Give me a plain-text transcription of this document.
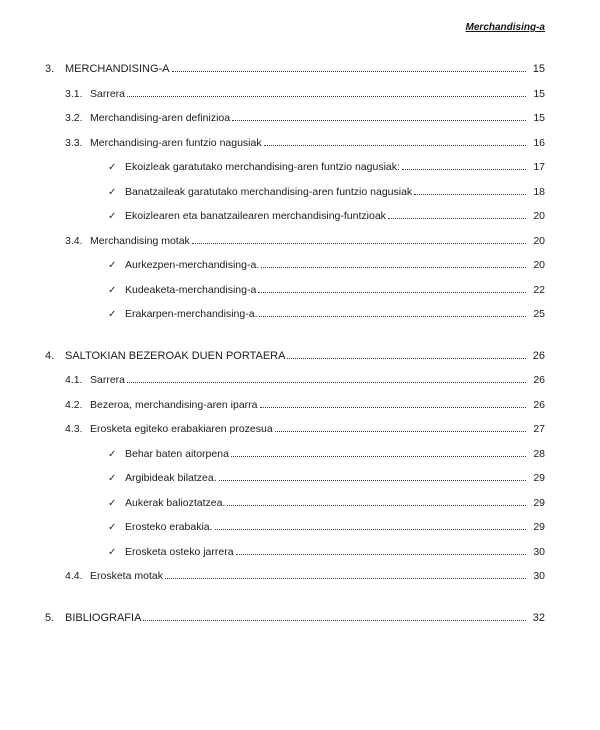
Merchandising-a
3. MERCHANDISING-A	15
3.1. Sarrera	15
3.2. Merchandising-aren definizioa	15
3.3. Merchandising-aren funtzio nagusiak	16
✓ Ekoizleak garatutako merchandising-aren funtzio nagusiak:	17
✓ Banatzaileak garatutako merchandising-aren funtzio nagusiak	18
✓ Ekoizlearen eta banatzailearen merchandising-funtzioak	20
3.4. Merchandising motak	20
✓ Aurkezpen-merchandising-a.	20
✓ Kudeaketa-merchandising-a	22
✓ Erakarpen-merchandising-a.	25
4. SALTOKIAN BEZEROAK DUEN PORTAERA	26
4.1. Sarrera	26
4.2. Bezeroa, merchandising-aren iparra	26
4.3. Erosketa egiteko erabakiaren prozesua	27
✓ Behar baten aitorpena	28
✓ Argibideak bilatzea.	29
✓ Aukerak balioztatzea.	29
✓ Erosteko erabakia.	29
✓ Erosketa osteko jarrera	30
4.4. Erosketa motak	30
5. BIBLIOGRAFIA	32
